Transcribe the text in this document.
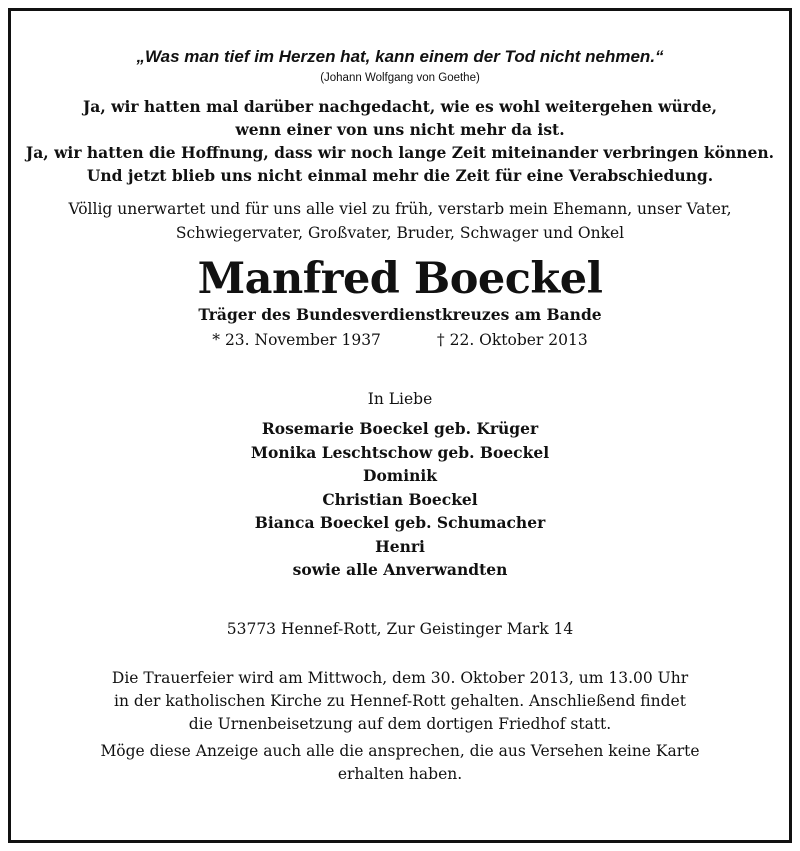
„Was man tief im Herzen hat, kann einem der Tod nicht nehmen.“
(Johann Wolfgang von Goethe)
Ja, wir hatten mal darüber nachgedacht, wie es wohl weitergehen würde,
wenn einer von uns nicht mehr da ist.
Ja, wir hatten die Hoffnung, dass wir noch lange Zeit miteinander verbringen können.
Und jetzt blieb uns nicht einmal mehr die Zeit für eine Verabschiedung.
Völlig unerwartet und für uns alle viel zu früh, verstarb mein Ehemann, unser Vater,
Schwiegervater, Großvater, Bruder, Schwager und Onkel
Manfred Boeckel
Träger des Bundesverdienstkreuzes am Bande
* 23. November 1937	† 22. Oktober 2013
In Liebe
Rosemarie Boeckel geb. Krüger
Monika Leschtschow geb. Boeckel
Dominik
Christian Boeckel
Bianca Boeckel geb. Schumacher
Henri
sowie alle Anverwandten
53773 Hennef-Rott, Zur Geistinger Mark 14
Die Trauerfeier wird am Mittwoch, dem 30. Oktober 2013, um 13.00 Uhr
in der katholischen Kirche zu Hennef-Rott gehalten. Anschließend findet
die Urnenbeisetzung auf dem dortigen Friedhof statt.
Möge diese Anzeige auch alle die ansprechen, die aus Versehen keine Karte
erhalten haben.
